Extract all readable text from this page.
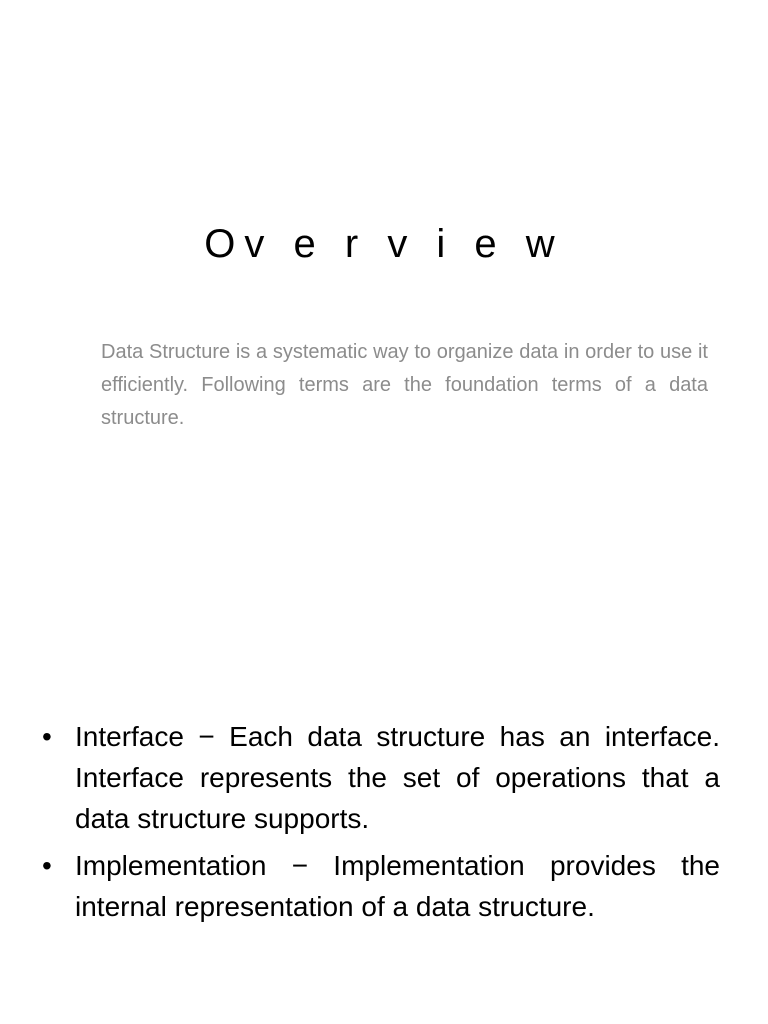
Ov e r v i e w

Data Structure is a systematic way to organize data in order to use it efficiently. Following terms are the foundation terms of a data structure.

• Interface − Each data structure has an interface. Interface represents the set of operations that a data structure supports.
• Implementation − Implementation provides the internal representation of a data structure.
